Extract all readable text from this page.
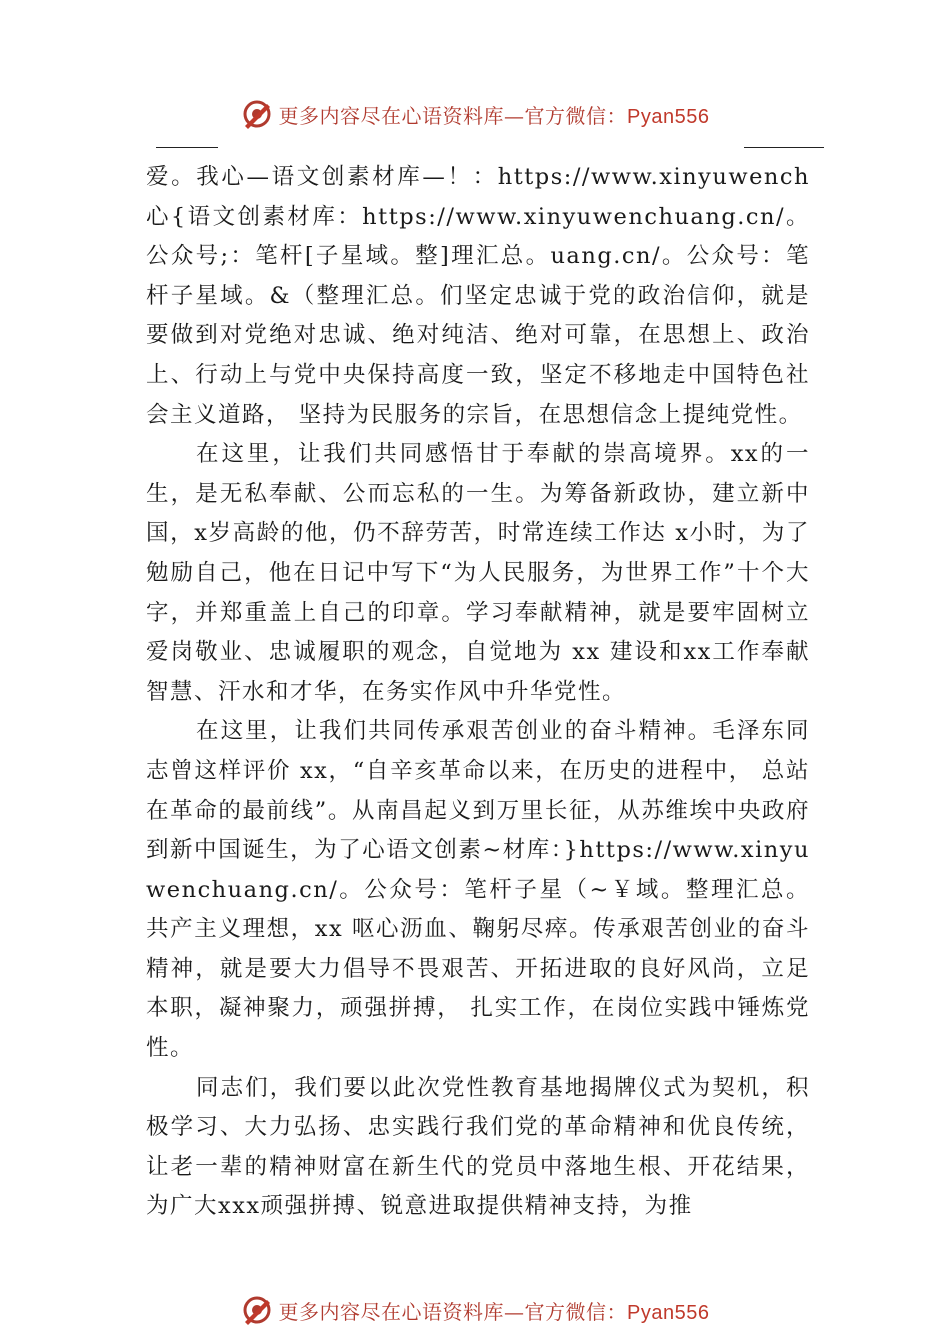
更多内容尽在心语资料库—官方微信：Pyan556

爱。我心—语文创素材库—！：https://www.xinyuwench心{语文创素材库：https://www.xinyuwenchuang.cn/。公众号;：笔杆[子星域。整]理汇总。uang.cn/。公众号：笔杆子星域。&（整理汇总。们坚定忠诚于党的政治信仰，就是要做到对党绝对忠诚、绝对纯洁、绝对可靠，在思想上、政治上、行动上与党中央保持高度一致，坚定不移地走中国特色社会主义道路， 坚持为民服务的宗旨，在思想信念上提纯党性。

在这里，让我们共同感悟甘于奉献的崇高境界。xx的一生，是无私奉献、公而忘私的一生。为筹备新政协，建立新中国，x岁高龄的他，仍不辞劳苦，时常连续工作达 x小时，为了勉励自己，他在日记中写下“为人民服务，为世界工作”十个大字，并郑重盖上自己的印章。学习奉献精神，就是要牢固树立爱岗敬业、忠诚履职的观念，自觉地为 xx 建设和xx工作奉献智慧、汗水和才华，在务实作风中升华党性。

在这里，让我们共同传承艰苦创业的奋斗精神。毛泽东同志曾这样评价 xx，“自辛亥革命以来，在历史的进程中， 总站在革命的最前线”。从南昌起义到万里长征，从苏维埃中央政府到新中国诞生，为了心语文创素~材库：}https://www.xinyuwenchuang.cn/。公众号：笔杆子星（~￥域。整理汇总。共产主义理想，xx 呕心沥血、鞠躬尽瘁。传承艰苦创业的奋斗精神，就是要大力倡导不畏艰苦、开拓进取的良好风尚，立足本职，凝神聚力，顽强拼搏， 扎实工作，在岗位实践中锤炼党性。

同志们，我们要以此次党性教育基地揭牌仪式为契机，积极学习、大力弘扬、忠实践行我们党的革命精神和优良传统，让老一辈的精神财富在新生代的党员中落地生根、开花结果，为广大xxx顽强拼搏、锐意进取提供精神支持，为推

更多内容尽在心语资料库—官方微信：Pyan556
